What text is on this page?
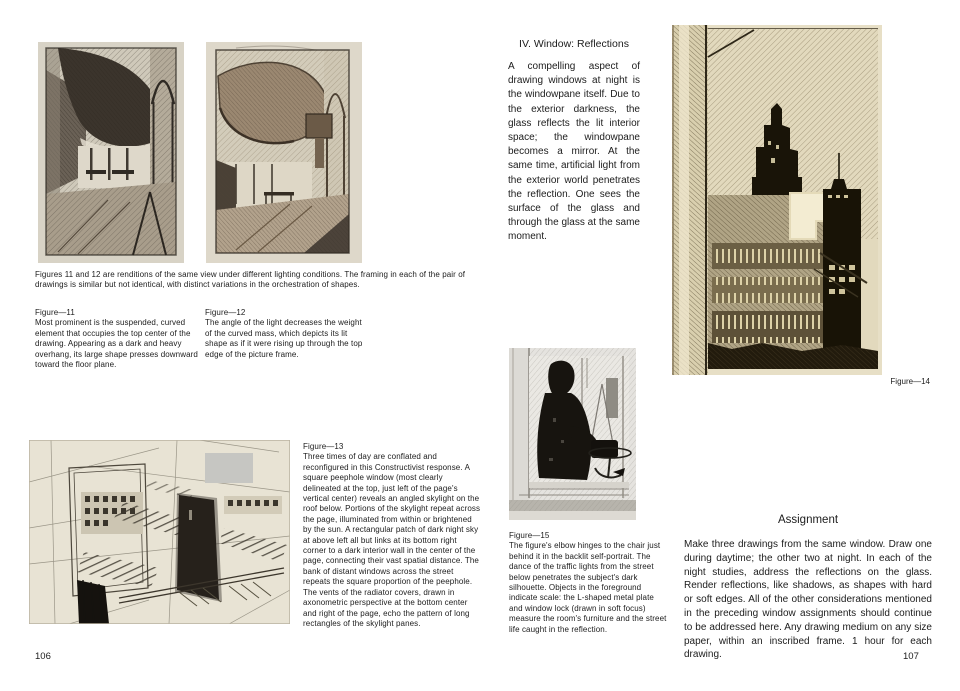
Figures 11 and 12 are renditions of the same view under different lighting conditions. The framing in each of the pair of drawings is similar but not identical, with distinct variations in the orchestration of shapes.
Figure—11
Most prominent is the suspended, curved element that occupies the top center of the drawing. Appearing as a dark and heavy overhang, its large shape presses downward toward the floor plane.
Figure—12
The angle of the light decreases the weight of the curved mass, which depicts its lit shape as if it were rising up through the top edge of the picture frame.
Figure—13
Three times of day are conflated and reconfigured in this Constructivist response. A square peephole window (most clearly delineated at the top, just left of the page's vertical center) reveals an angled skylight on the roof below. Portions of the skylight repeat across the page, illuminated from within or brightened by the sun. A rectangular patch of dark night sky at above left all but links at its bottom right corner to a dark interior wall in the center of the page, connecting their vast spatial distance. The bank of distant windows across the street repeats the square proportion of the peephole. The vents of the radiator covers, drawn in axonometric perspective at the bottom center and right of the page, echo the pattern of long rectangles of the skylight panes.
106
IV. Window: Reflections
A compelling aspect of drawing windows at night is the windowpane itself. Due to the exterior darkness, the glass reflects the lit interior space; the windowpane becomes a mirror. At the same time, artificial light from the exterior world penetrates the reflection. One sees the surface of the glass and through the glass at the same moment.
Figure—15
The figure's elbow hinges to the chair just behind it in the backlit self-portrait. The dance of the traffic lights from the street below penetrates the subject's dark silhouette. Objects in the foreground indicate scale: the L-shaped metal plate and window lock (drawn in soft focus) measure the room's furniture and the street life caught in the reflection.
Figure—14
Assignment
Make three drawings from the same window. Draw one during daytime; the other two at night. In each of the night studies, address the reflections on the glass. Render reflections, like shadows, as shapes with hard or soft edges. All of the other considerations mentioned in the preceding window assignments should continue to be addressed here. Any drawing medium on any size paper, within an inscribed frame. 1 hour for each drawing.	107
